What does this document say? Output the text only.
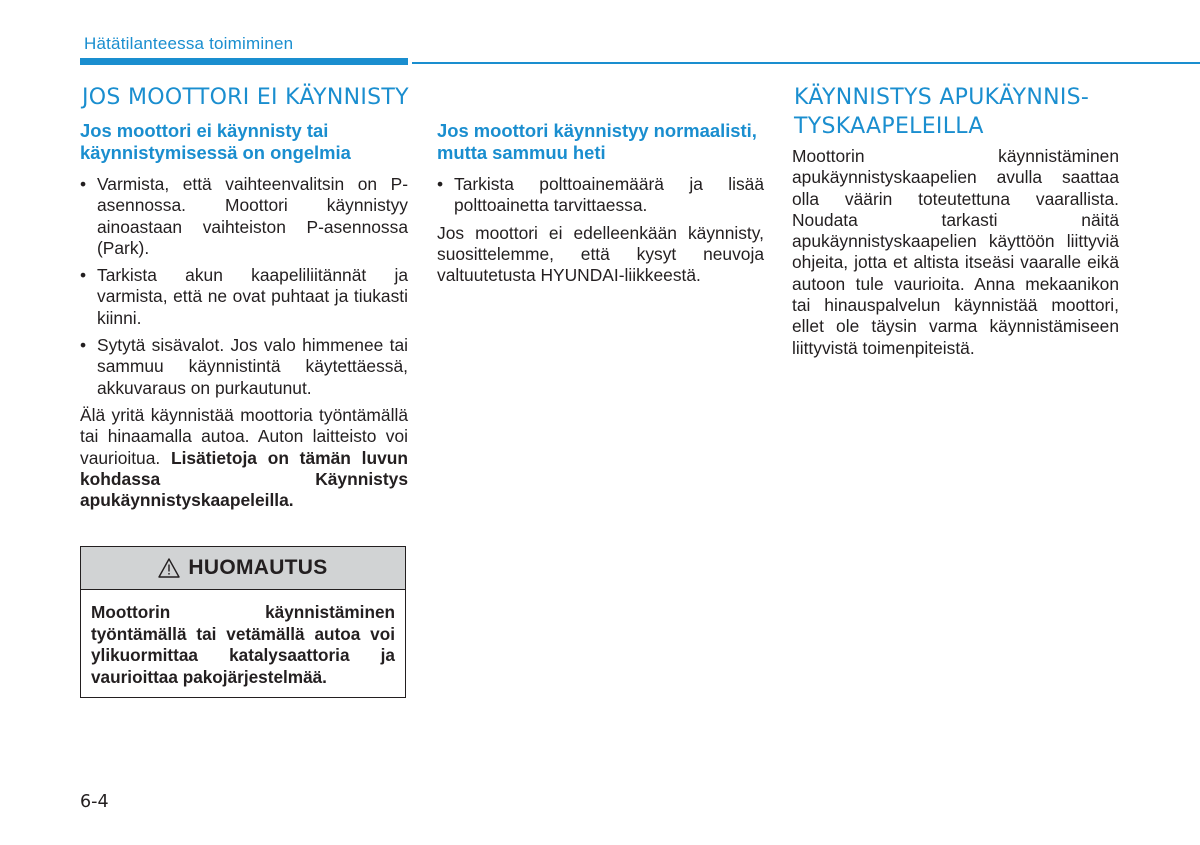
Hätätilanteessa toimiminen
JOS MOOTTORI EI KÄYNNISTY
Jos moottori ei käynnisty tai käynnistymisessä on ongelmia
• Varmista, että vaihteenvalitsin on P-asennossa. Moottori käynnistyy ainoastaan vaihteiston P-asennossa (Park).
• Tarkista akun kaapeliliitännät ja varmista, että ne ovat puhtaat ja tiukasti kiinni.
• Sytytä sisävalot. Jos valo himmenee tai sammuu käynnistintä käytettäessä, akkuvaraus on purkautunut.

Älä yritä käynnistää moottoria työntämällä tai hinaamalla autoa. Auton laitteisto voi vaurioitua. Lisätietoja on tämän luvun kohdassa Käynnistys apukäynnistyskaapeleilla.

HUOMAUTUS
Moottorin käynnistäminen työntämällä tai vetämällä autoa voi ylikuormittaa katalysaattoria ja vaurioittaa pakojärjestelmää.
Jos moottori käynnistyy normaalisti, mutta sammuu heti
• Tarkista polttoainemäärä ja lisää polttoainetta tarvittaessa.

Jos moottori ei edelleenkään käynnisty, suosittelemme, että kysyt neuvoja valtuutetusta HYUNDAI-liikkeestä.

KÄYNNISTYS APUKÄYNNIS-
TYSKAAPELEILLA

Moottorin käynnistäminen apukäynnistyskaapelien avulla saattaa olla väärin toteutettuna vaarallista. Noudata tarkasti näitä apukäynnistyskaapelien käyttöön liittyviä ohjeita, jotta et altista itseäsi vaaralle eikä autoon tule vaurioita. Anna mekaanikon tai hinauspalvelun käynnistää moottori, ellet ole täysin varma käynnistämiseen liittyvistä toimenpiteistä.

6-4
